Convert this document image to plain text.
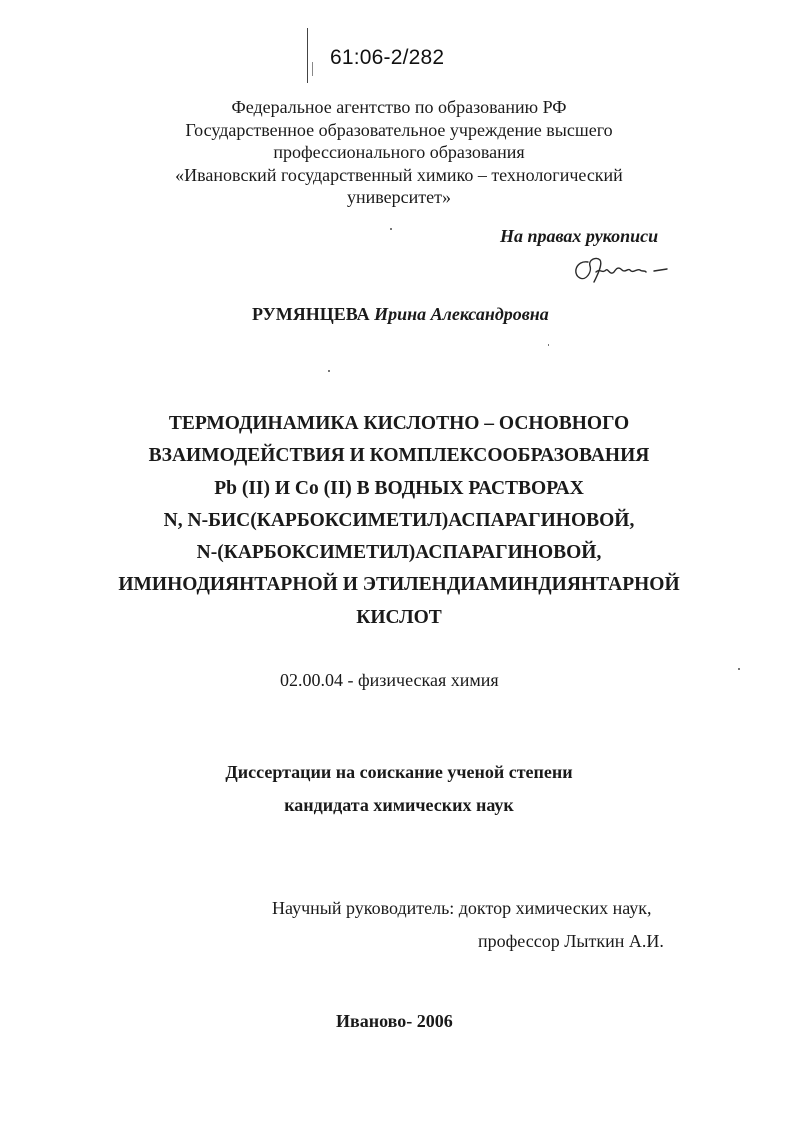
61:06-2/282
Федеральное агентство по образованию РФ
Государственное образовательное учреждение высшего
профессионального образования
«Ивановский государственный химико – технологический
университет»
На правах рукописи
РУМЯНЦЕВА Ирина Александровна
ТЕРМОДИНАМИКА КИСЛОТНО – ОСНОВНОГО
ВЗАИМОДЕЙСТВИЯ И КОМПЛЕКСООБРАЗОВАНИЯ
Pb (II) И Co (II) В ВОДНЫХ РАСТВОРАХ
N, N-БИС(КАРБОКСИМЕТИЛ)АСПАРАГИНОВОЙ,
N-(КАРБОКСИМЕТИЛ)АСПАРАГИНОВОЙ,
ИМИНОДИЯНТАРНОЙ И ЭТИЛЕНДИАМИНДИЯНТАРНОЙ
КИСЛОТ
02.00.04 - физическая химия
Диссертации на соискание ученой степени
кандидата химических наук
Научный руководитель: доктор химических наук,
профессор Лыткин А.И.
Иваново- 2006
